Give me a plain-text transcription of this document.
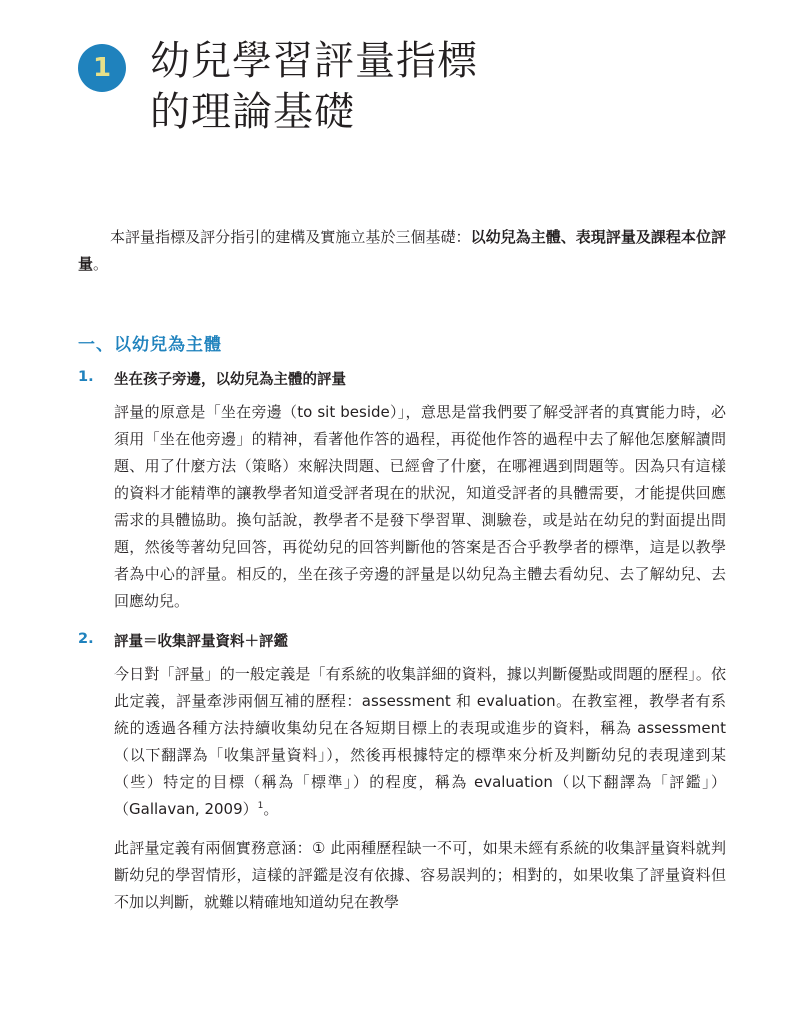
1 幼兒學習評量指標
的理論基礎

本評量指標及評分指引的建構及實施立基於三個基礎：以幼兒為主體、表現評量及課程本位評量。

一、以幼兒為主體
1. 坐在孩子旁邊，以幼兒為主體的評量

評量的原意是「坐在旁邊（to sit beside）」，意思是當我們要了解受評者的真實能力時，必須用「坐在他旁邊」的精神，看著他作答的過程，再從他作答的過程中去了解他怎麼解讀問題、用了什麼方法（策略）來解決問題、已經會了什麼，在哪裡遇到問題等。因為只有這樣的資料才能精準的讓教學者知道受評者現在的狀況，知道受評者的具體需要，才能提供回應需求的具體協助。換句話說，教學者不是發下學習單、測驗卷，或是站在幼兒的對面提出問題，然後等著幼兒回答，再從幼兒的回答判斷他的答案是否合乎教學者的標準，這是以教學者為中心的評量。相反的，坐在孩子旁邊的評量是以幼兒為主體去看幼兒、去了解幼兒、去回應幼兒。

2. 評量＝收集評量資料＋評鑑

今日對「評量」的一般定義是「有系統的收集詳細的資料，據以判斷優點或問題的歷程」。依此定義，評量牽涉兩個互補的歷程：assessment 和 evaluation。在教室裡，教學者有系統的透過各種方法持續收集幼兒在各短期目標上的表現或進步的資料，稱為 assessment（以下翻譯為「收集評量資料」），然後再根據特定的標準來分析及判斷幼兒的表現達到某（些）特定的目標（稱為「標準」）的程度，稱為 evaluation（以下翻譯為「評鑑」）（Gallavan, 2009）$^1$。

此評量定義有兩個實務意涵：① 此兩種歷程缺一不可，如果未經有系統的收集評量資料就判斷幼兒的學習情形，這樣的評鑑是沒有依據、容易誤判的；相對的，如果收集了評量資料但不加以判斷，就難以精確地知道幼兒在教學
